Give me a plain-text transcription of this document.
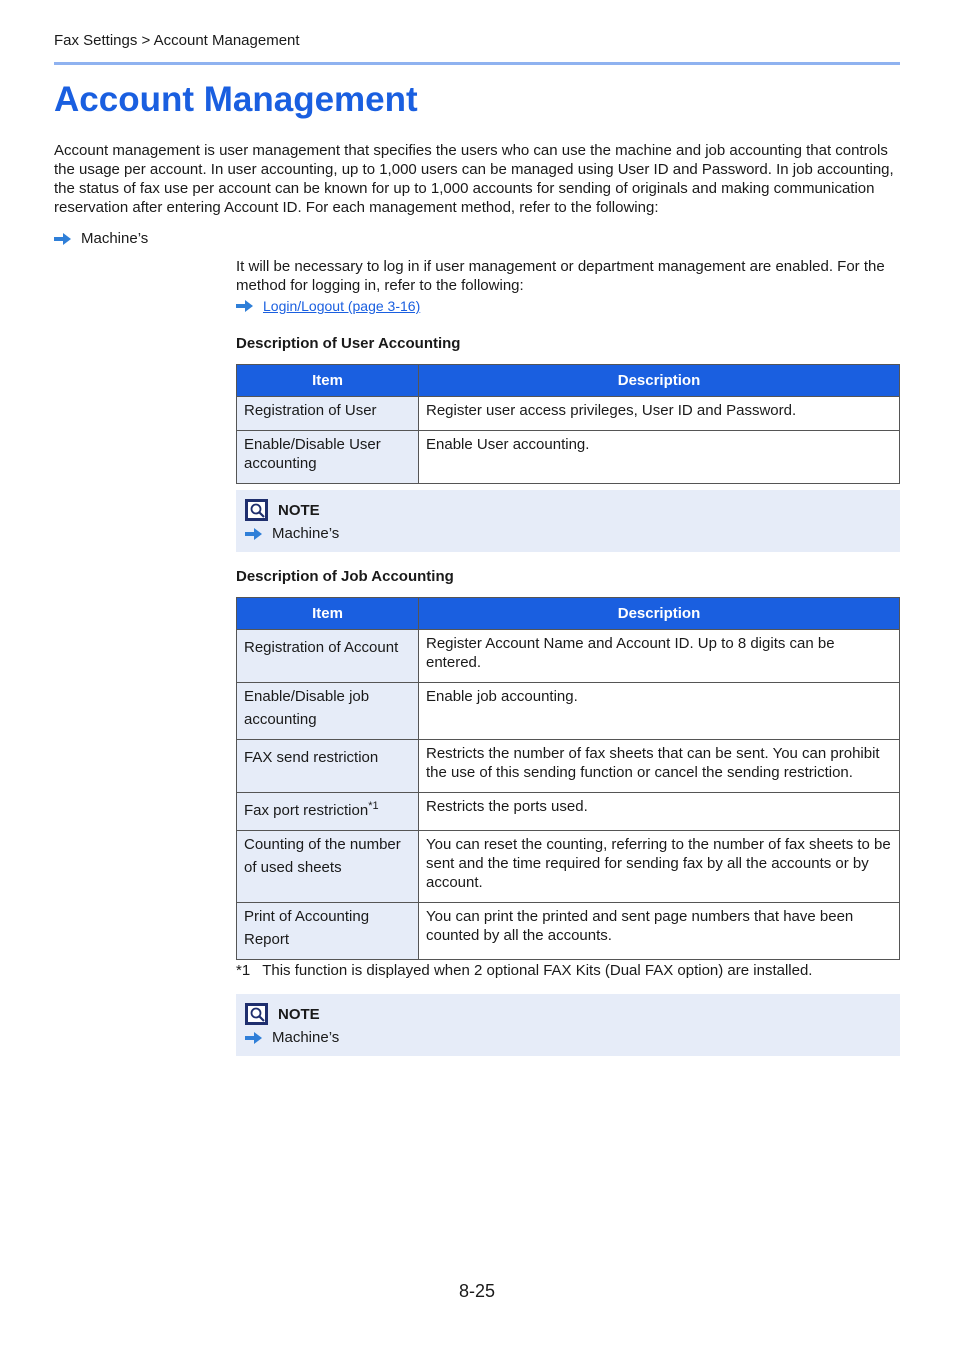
Fax Settings > Account Management
Account Management

Account management is user management that specifies the users who can use the machine and job accounting that controls the usage per account. In user accounting, up to 1,000 users can be managed using User ID and Password. In job accounting, the status of fax use per account can be known for up to 1,000 accounts for sending of originals and making communication reservation after entering Account ID. For each management method, refer to the following:

Machine’s

It will be necessary to log in if user management or department management are enabled. For the method for logging in, refer to the following:

Login/Logout (page 3-16)
Description of User Accounting
Item	Description
Registration of User	Register user access privileges, User ID and Password.
Enable/Disable User accounting	Enable User accounting.
NOTE
Machine’s
Description of Job Accounting
Item	Description
Registration of Account	Register Account Name and Account ID. Up to 8 digits can be entered.
Enable/Disable job accounting	Enable job accounting.
FAX send restriction	Restricts the number of fax sheets that can be sent. You can prohibit the use of this sending function or cancel the sending restriction.
Fax port restriction$^{*1}$	Restricts the ports used.
Counting of the number of used sheets	You can reset the counting, referring to the number of fax sheets to be sent and the time required for sending fax by all the accounts or by account.
Print of Accounting Report	You can print the printed and sent page numbers that have been counted by all the accounts.
*1 This function is displayed when 2 optional FAX Kits (Dual FAX option) are installed.
NOTE
Machine’s
8-25
